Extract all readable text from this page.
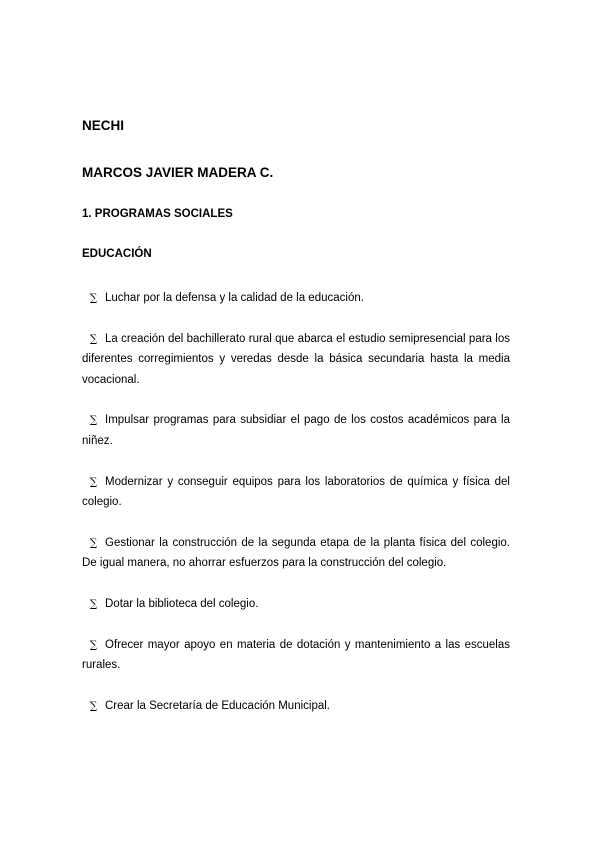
NECHI
MARCOS JAVIER MADERA C.
1. PROGRAMAS SOCIALES
EDUCACIÓN
∑ Luchar por la defensa y la calidad de la educación.
∑ La creación del bachillerato rural que abarca el estudio semipresencial para los diferentes corregimientos y veredas desde la básica secundaria hasta la media vocacional.
∑ Impulsar programas para subsidiar el pago de los costos académicos para la niñez.
∑ Modernizar y conseguir equipos para los laboratorios de química y física del colegio.
∑ Gestionar la construcción de la segunda etapa de la planta física del colegio. De igual manera, no ahorrar esfuerzos para la construcción del colegio.
∑ Dotar la biblioteca del colegio.
∑ Ofrecer mayor apoyo en materia de dotación y mantenimiento a las escuelas rurales.
∑ Crear la Secretaría de Educación Municipal.
